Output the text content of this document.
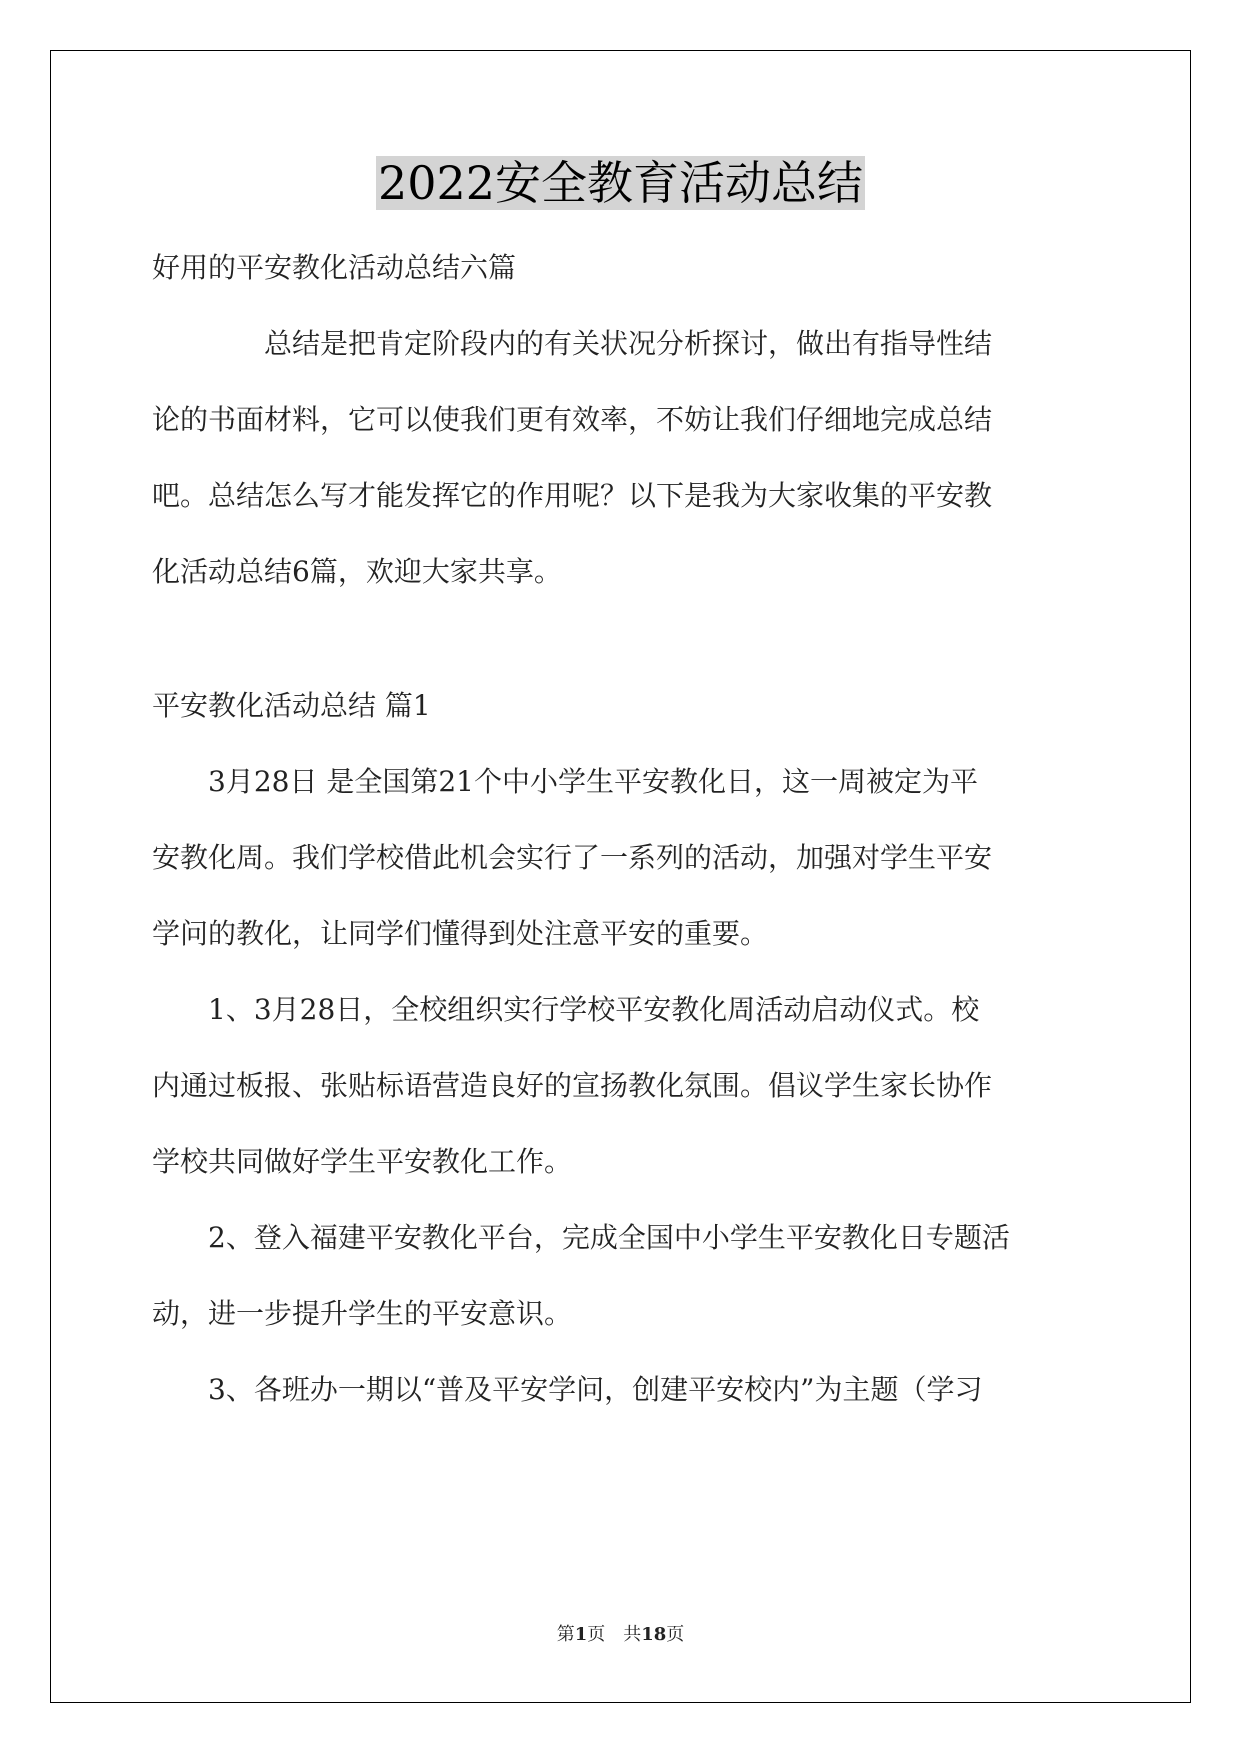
2022安全教育活动总结
好用的平安教化活动总结六篇
总结是把肯定阶段内的有关状况分析探讨，做出有指导性结
论的书面材料，它可以使我们更有效率，不妨让我们仔细地完成总结
吧。总结怎么写才能发挥它的作用呢？以下是我为大家收集的平安教
化活动总结6篇，欢迎大家共享。
平安教化活动总结 篇1
3月28日 是全国第21个中小学生平安教化日，这一周被定为平
安教化周。我们学校借此机会实行了一系列的活动，加强对学生平安
学问的教化，让同学们懂得到处注意平安的重要。
1、3月28日，全校组织实行学校平安教化周活动启动仪式。校
内通过板报、张贴标语营造良好的宣扬教化氛围。倡议学生家长协作
学校共同做好学生平安教化工作。
2、登入福建平安教化平台，完成全国中小学生平安教化日专题活
动，进一步提升学生的平安意识。
3、各班办一期以“普及平安学问，创建平安校内”为主题（学习
第1页　共18页
